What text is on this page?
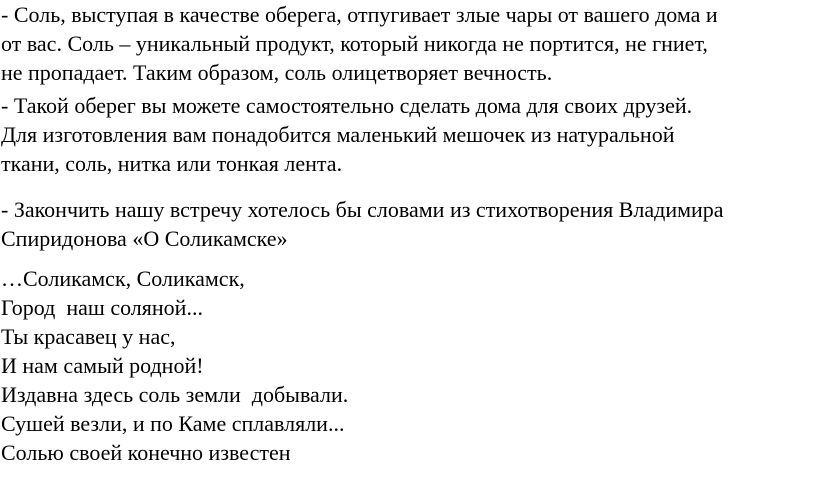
- Соль, выступая в качестве оберега, отпугивает злые чары от вашего дома и
от вас. Соль – уникальный продукт, который никогда не портится, не гниет,
не пропадает. Таким образом, соль олицетворяет вечность.
- Такой оберег вы можете самостоятельно сделать дома для своих друзей.
Для изготовления вам понадобится маленький мешочек из натуральной
ткани, соль, нитка или тонкая лента.
- Закончить нашу встречу хотелось бы словами из стихотворения Владимира
Спиридонова «О Соликамске»
…Соликамск, Соликамск,
Город  наш соляной...
Ты красавец у нас,
И нам самый родной!
Издавна здесь соль земли  добывали.
Сушей везли, и по Каме сплавляли...
Солью своей конечно известен
